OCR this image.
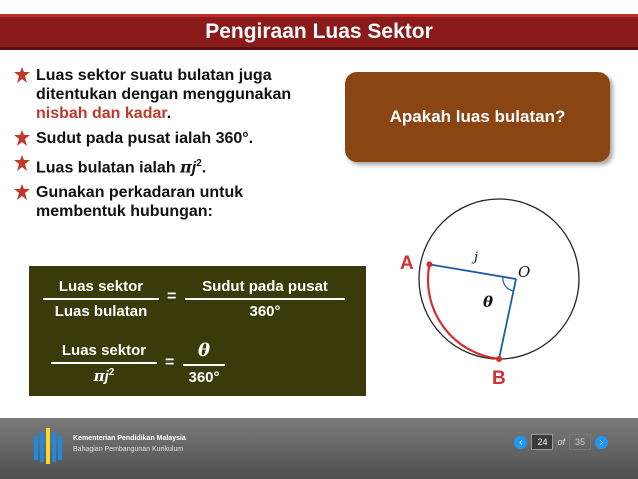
Pengiraan Luas Sektor
Luas sektor suatu bulatan juga ditentukan dengan menggunakan nisbah dan kadar.
Sudut pada pusat ialah 360°.
Luas bulatan ialah $\pi j^2$.
Gunakan perkadaran untuk membentuk hubungan:
Apakah luas bulatan?
Luas sektor
Luas bulatan
=
Sudut pada pusat
360°
Luas sektor
$\pi j^2$
=
θ
360°
A
B
O
j
θ
Kementerian Pendidikan Malaysia
Bahagian Pembangunan Kurikulum
‹	24	of	35	›
